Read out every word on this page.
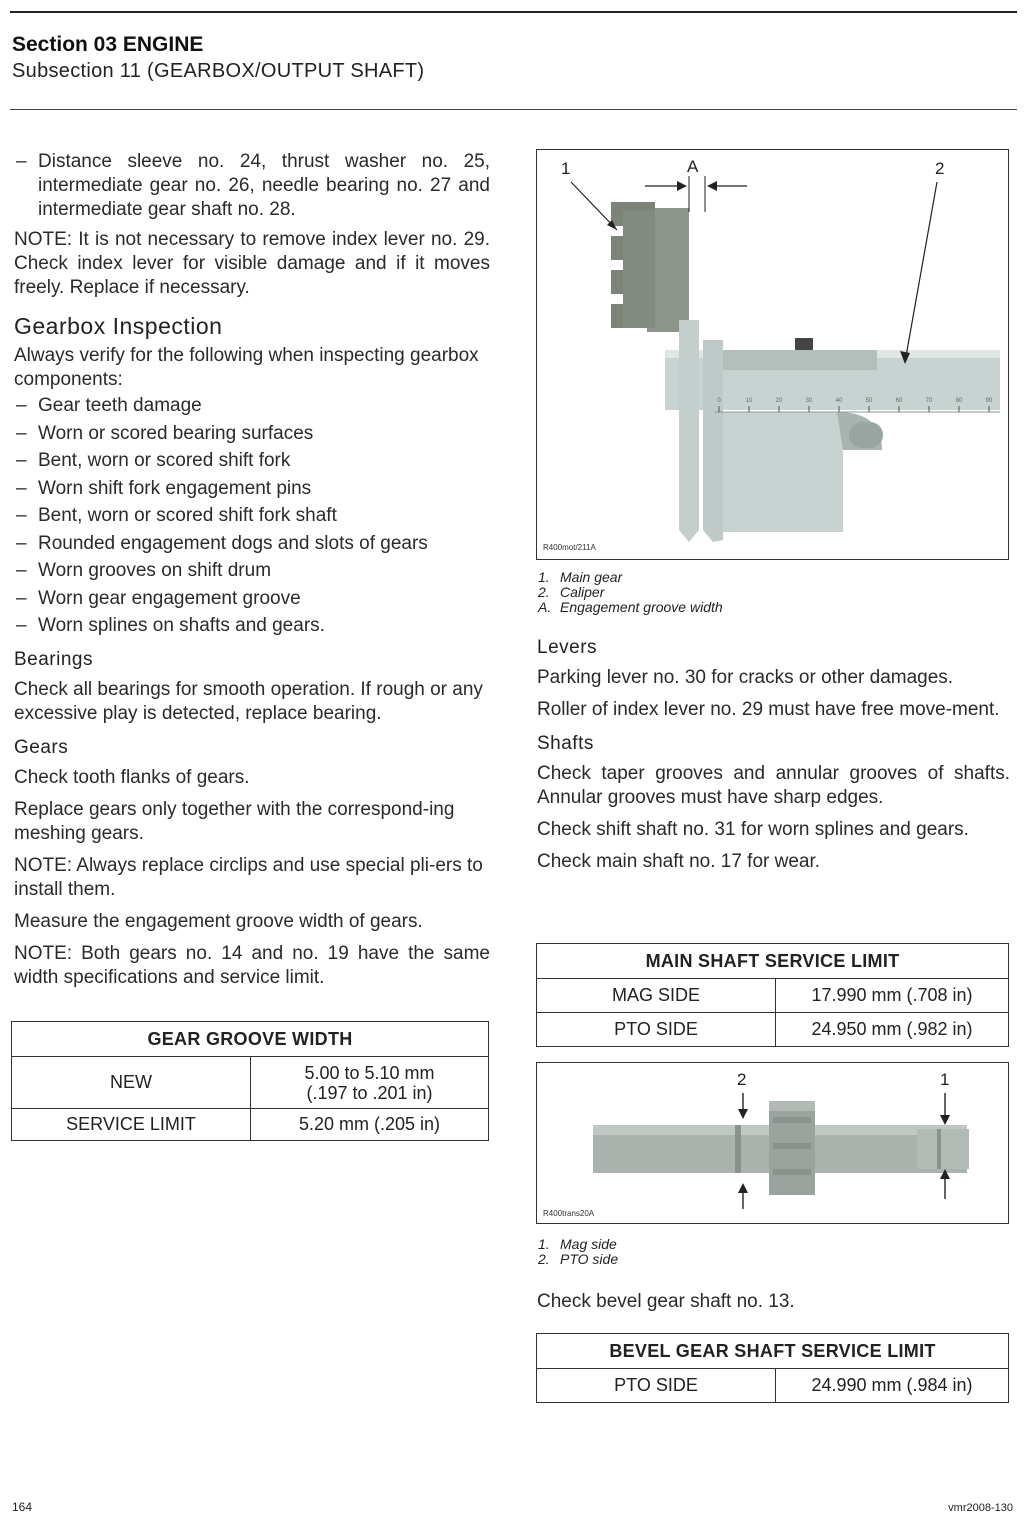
Section 03 ENGINE
Subsection 11 (GEARBOX/OUTPUT SHAFT)
– Distance sleeve no. 24, thrust washer no. 25, intermediate gear no. 26, needle bearing no. 27 and intermediate gear shaft no. 28.

NOTE: It is not necessary to remove index lever no. 29. Check index lever for visible damage and if it moves freely. Replace if necessary.

Gearbox Inspection

Always verify for the following when inspecting gearbox components:

– Gear teeth damage
– Worn or scored bearing surfaces
– Bent, worn or scored shift fork
– Worn shift fork engagement pins
– Bent, worn or scored shift fork shaft
– Rounded engagement dogs and slots of gears
– Worn grooves on shift drum
– Worn gear engagement groove
– Worn splines on shafts and gears.
Bearings

Check all bearings for smooth operation. If rough or any excessive play is detected, replace bearing.

Gears

Check tooth flanks of gears.

Replace gears only together with the correspond-ing meshing gears.

NOTE: Always replace circlips and use special pli-ers to install them.

Measure the engagement groove width of gears.

NOTE: Both gears no. 14 and no. 19 have the same width specifications and service limit.

GEAR GROOVE WIDTH	
NEW	5.00 to 5.10 mm
(.197 to .201 in)

SERVICE LIMIT	5.20 mm (.205 in)
0	10	20	30	40	50	60	70	80	90
1	A	2
R400mot/211A
1. Main gear
2. Caliper
A. Engagement groove width
Levers

Parking lever no. 30 for cracks or other damages.

Roller of index lever no. 29 must have free move-ment.

Shafts

Check taper grooves and annular grooves of shafts. Annular grooves must have sharp edges.

Check shift shaft no. 31 for worn splines and gears.

Check main shaft no. 17 for wear.

MAIN SHAFT SERVICE LIMIT	
MAG SIDE	17.990 mm (.708 in)
PTO SIDE	24.950 mm (.982 in)
2	1
R400trans20A
1. Mag side
2. PTO side
Check bevel gear shaft no. 13.
BEVEL GEAR SHAFT SERVICE LIMIT
PTO SIDE	24.990 mm (.984 in)
164	vmr2008-130
